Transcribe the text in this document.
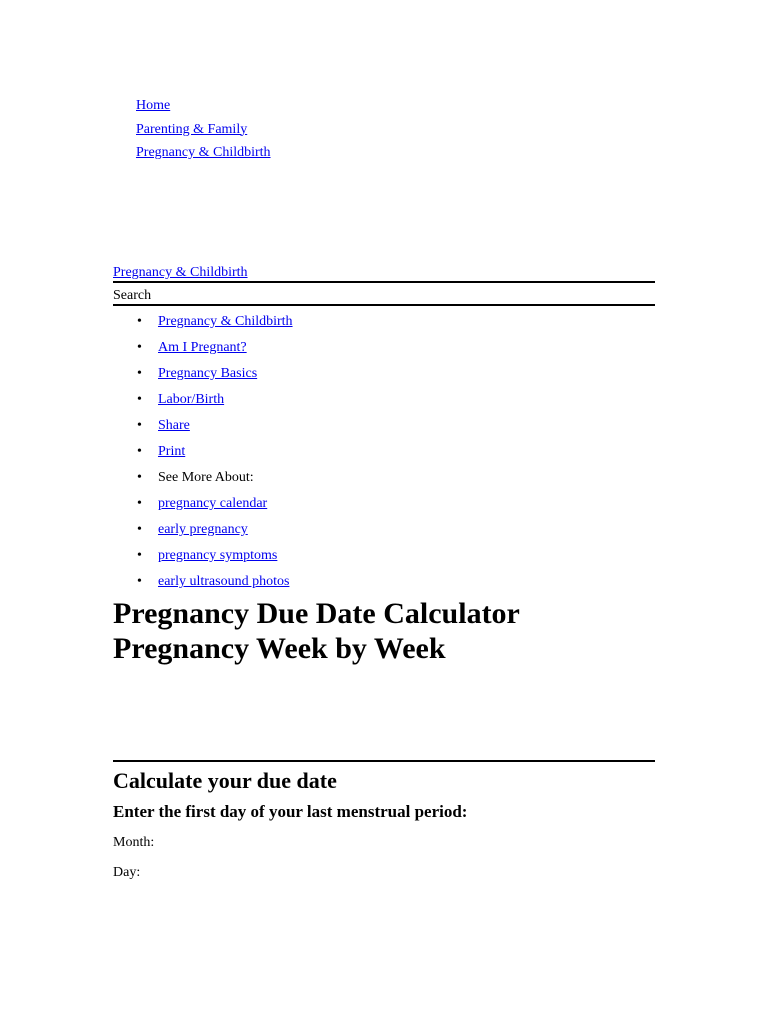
Home
Parenting & Family
Pregnancy & Childbirth
Pregnancy & Childbirth
Search
• Pregnancy & Childbirth
• Am I Pregnant?
• Pregnancy Basics
• Labor/Birth
• Share
• Print
• See More About:
• pregnancy calendar
• early pregnancy
• pregnancy symptoms
• early ultrasound photos
Pregnancy Due Date Calculator
Pregnancy Week by Week
Calculate your due date
Enter the first day of your last menstrual period:

Month:

Day:
